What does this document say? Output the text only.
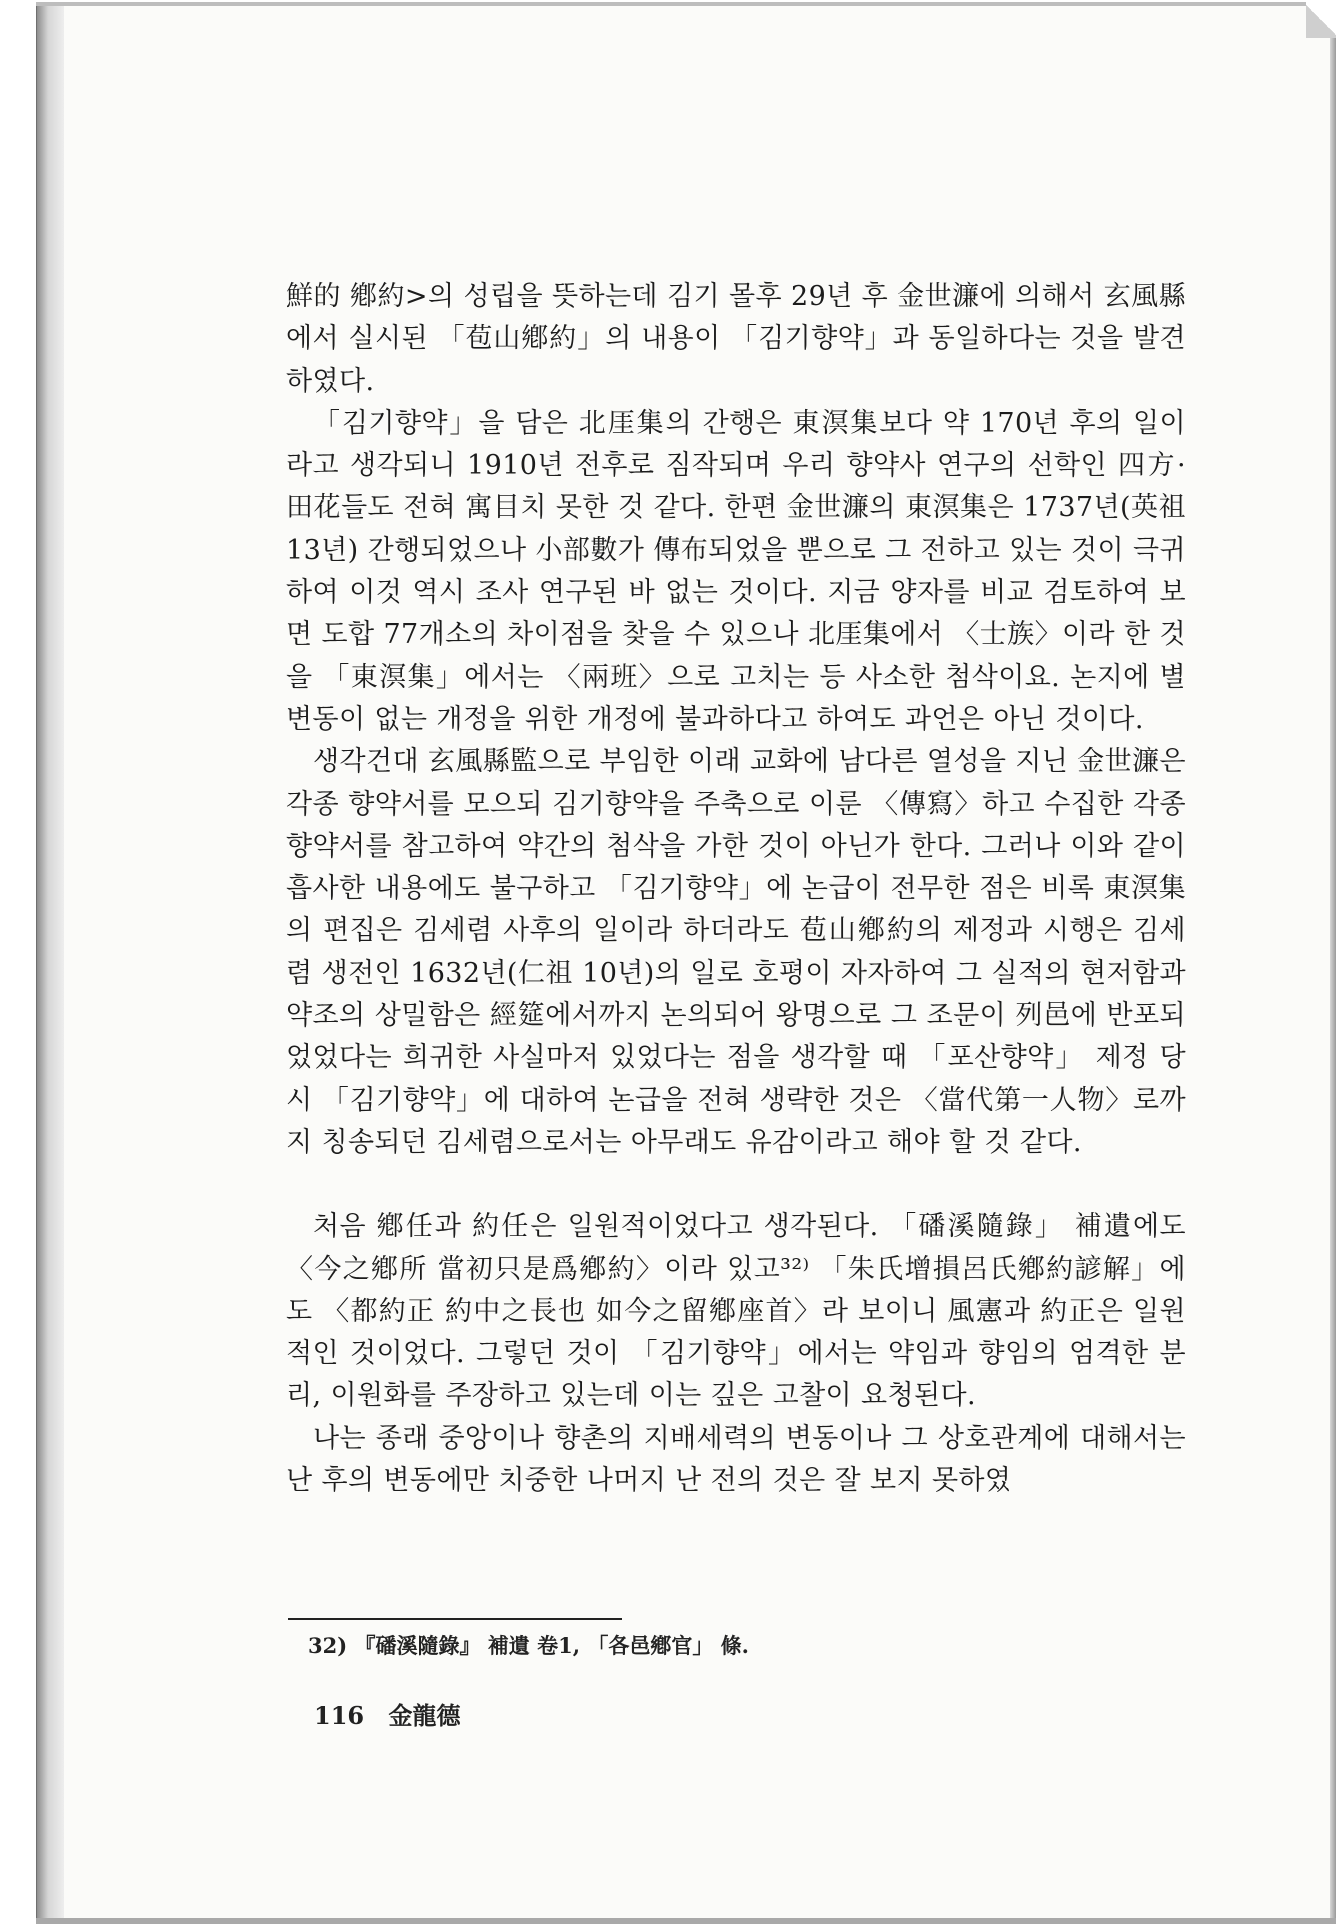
鮮的 鄕約>의 성립을 뜻하는데 김기 몰후 29년 후 金世濂에 의해서 玄風縣에서 실시된 「苞山鄕約」의 내용이 「김기향약」과 동일하다는 것을 발견하였다.

「김기향약」을 담은 北厓集의 간행은 東溟集보다 약 170년 후의 일이라고 생각되니 1910년 전후로 짐작되며 우리 향약사 연구의 선학인 四方·田花들도 전혀 寓目치 못한 것 같다. 한편 金世濂의 東溟集은 1737년(英祖 13년) 간행되었으나 小部數가 傳布되었을 뿐으로 그 전하고 있는 것이 극귀하여 이것 역시 조사 연구된 바 없는 것이다. 지금 양자를 비교 검토하여 보면 도합 77개소의 차이점을 찾을 수 있으나 北厓集에서 〈士族〉이라 한 것을 「東溟集」에서는 〈兩班〉으로 고치는 등 사소한 첨삭이요. 논지에 별 변동이 없는 개정을 위한 개정에 불과하다고 하여도 과언은 아닌 것이다.

생각건대 玄風縣監으로 부임한 이래 교화에 남다른 열성을 지닌 金世濂은 각종 향약서를 모으되 김기향약을 주축으로 이룬 〈傳寫〉하고 수집한 각종 향약서를 참고하여 약간의 첨삭을 가한 것이 아닌가 한다. 그러나 이와 같이 흡사한 내용에도 불구하고 「김기향약」에 논급이 전무한 점은 비록 東溟集의 편집은 김세렴 사후의 일이라 하더라도 苞山鄕約의 제정과 시행은 김세렴 생전인 1632년(仁祖 10년)의 일로 호평이 자자하여 그 실적의 현저함과 약조의 상밀함은 經筵에서까지 논의되어 왕명으로 그 조문이 列邑에 반포되었었다는 희귀한 사실마저 있었다는 점을 생각할 때 「포산향약」 제정 당시 「김기향약」에 대하여 논급을 전혀 생략한 것은 〈當代第一人物〉로까지 칭송되던 김세렴으로서는 아무래도 유감이라고 해야 할 것 같다.

처음 鄕任과 約任은 일원적이었다고 생각된다. 「磻溪隨錄」 補遺에도 〈今之鄕所 當初只是爲鄕約〉이라 있고³²⁾ 「朱氏增損呂氏鄕約諺解」에도 〈都約正 約中之長也 如今之留鄕座首〉라 보이니 風憲과 約正은 일원적인 것이었다. 그렇던 것이 「김기향약」에서는 약임과 향임의 엄격한 분리, 이원화를 주장하고 있는데 이는 깊은 고찰이 요청된다.

나는 종래 중앙이나 향촌의 지배세력의 변동이나 그 상호관계에 대해서는 난 후의 변동에만 치중한 나머지 난 전의 것은 잘 보지 못하였

32) 『磻溪隨錄』 補遺 卷1, 「各邑鄕官」 條.
116 金龍德
